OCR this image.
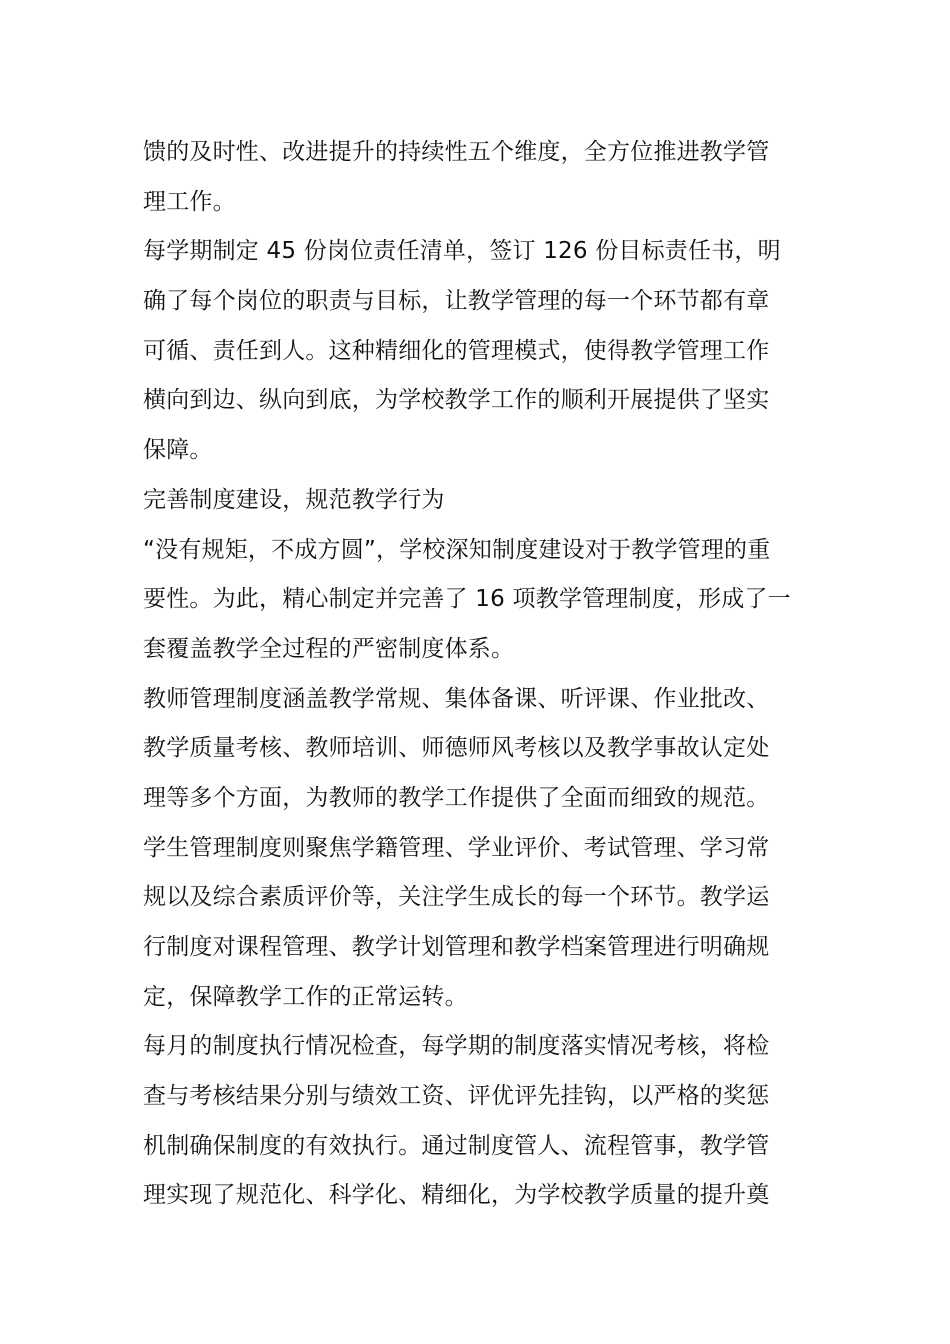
馈的及时性、改进提升的持续性五个维度，全方位推进教学管
理工作。
每学期制定 45 份岗位责任清单，签订 126 份目标责任书，明
确了每个岗位的职责与目标，让教学管理的每一个环节都有章
可循、责任到人。这种精细化的管理模式，使得教学管理工作
横向到边、纵向到底，为学校教学工作的顺利开展提供了坚实
保障。
完善制度建设，规范教学行为
“没有规矩，不成方圆”，学校深知制度建设对于教学管理的重
要性。为此，精心制定并完善了 16 项教学管理制度，形成了一
套覆盖教学全过程的严密制度体系。
教师管理制度涵盖教学常规、集体备课、听评课、作业批改、
教学质量考核、教师培训、师德师风考核以及教学事故认定处
理等多个方面，为教师的教学工作提供了全面而细致的规范。
学生管理制度则聚焦学籍管理、学业评价、考试管理、学习常
规以及综合素质评价等，关注学生成长的每一个环节。教学运
行制度对课程管理、教学计划管理和教学档案管理进行明确规
定，保障教学工作的正常运转。
每月的制度执行情况检查，每学期的制度落实情况考核，将检
查与考核结果分别与绩效工资、评优评先挂钩，以严格的奖惩
机制确保制度的有效执行。通过制度管人、流程管事，教学管
理实现了规范化、科学化、精细化，为学校教学质量的提升奠
